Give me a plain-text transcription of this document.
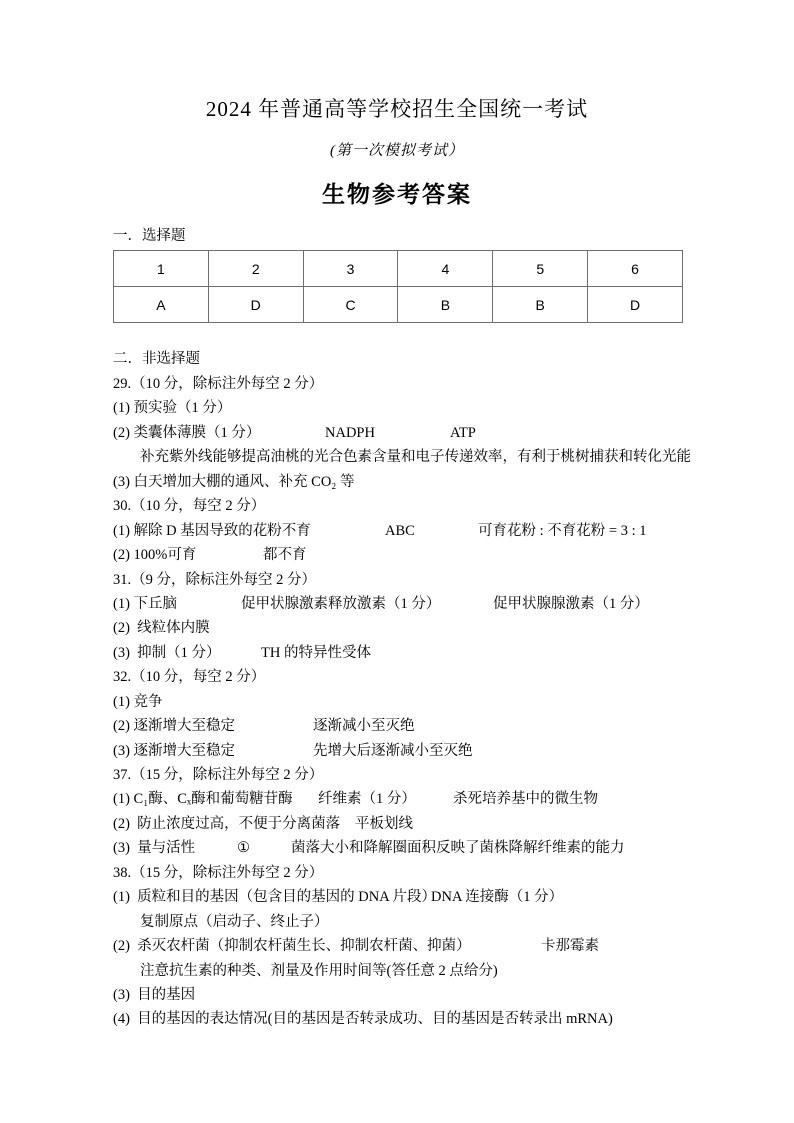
2024 年普通高等学校招生全国统一考试
(第一次模拟考试）
生物参考答案
一．选择题
1	2	3	4	5	6
A	D	C	B	B	D
二．非选择题
29.（10 分，除标注外每空 2 分）
(1) 预实验（1 分）
(2) 类囊体薄膜（1 分）	NADPH	ATP
补充紫外线能够提高油桃的光合色素含量和电子传递效率，有利于桃树捕获和转化光能
(3) 白天增加大棚的通风、补充 CO₂ 等
30.（10 分，每空 2 分）
(1) 解除 D 基因导致的花粉不育	ABC	可育花粉 : 不育花粉 = 3 : 1
(2) 100%可育	都不育
31.（9 分，除标注外每空 2 分）
(1) 下丘脑	促甲状腺激素释放激素（1 分）	促甲状腺腺激素（1 分）
(2)  线粒体内膜
(3)  抑制（1 分）	TH 的特异性受体
32.（10 分，每空 2 分）
(1) 竞争
(2) 逐渐增大至稳定	逐渐减小至灭绝
(3) 逐渐增大至稳定	先增大后逐渐减小至灭绝
37.（15 分，除标注外每空 2 分）
(1) C₁酶、Cₓ酶和葡萄糖苷酶 纤维素（1 分）	杀死培养基中的微生物
(2)  防止浓度过高，不便于分离菌落 平板划线
(3)  量与活性	①	菌落大小和降解圈面积反映了菌株降解纤维素的能力
38.（15 分，除标注外每空 2 分）
(1)  质粒和目的基因（包含目的基因的 DNA 片段）
DNA 连接酶（1 分）
复制原点（启动子、终止子）
(2)  杀灭农杆菌（抑制农杆菌生长、抑制农杆菌、抑菌）	卡那霉素
注意抗生素的种类、剂量及作用时间等(答任意 2 点给分)
(3)  目的基因
(4)  目的基因的表达情况(目的基因是否转录成功、目的基因是否转录出 mRNA)
